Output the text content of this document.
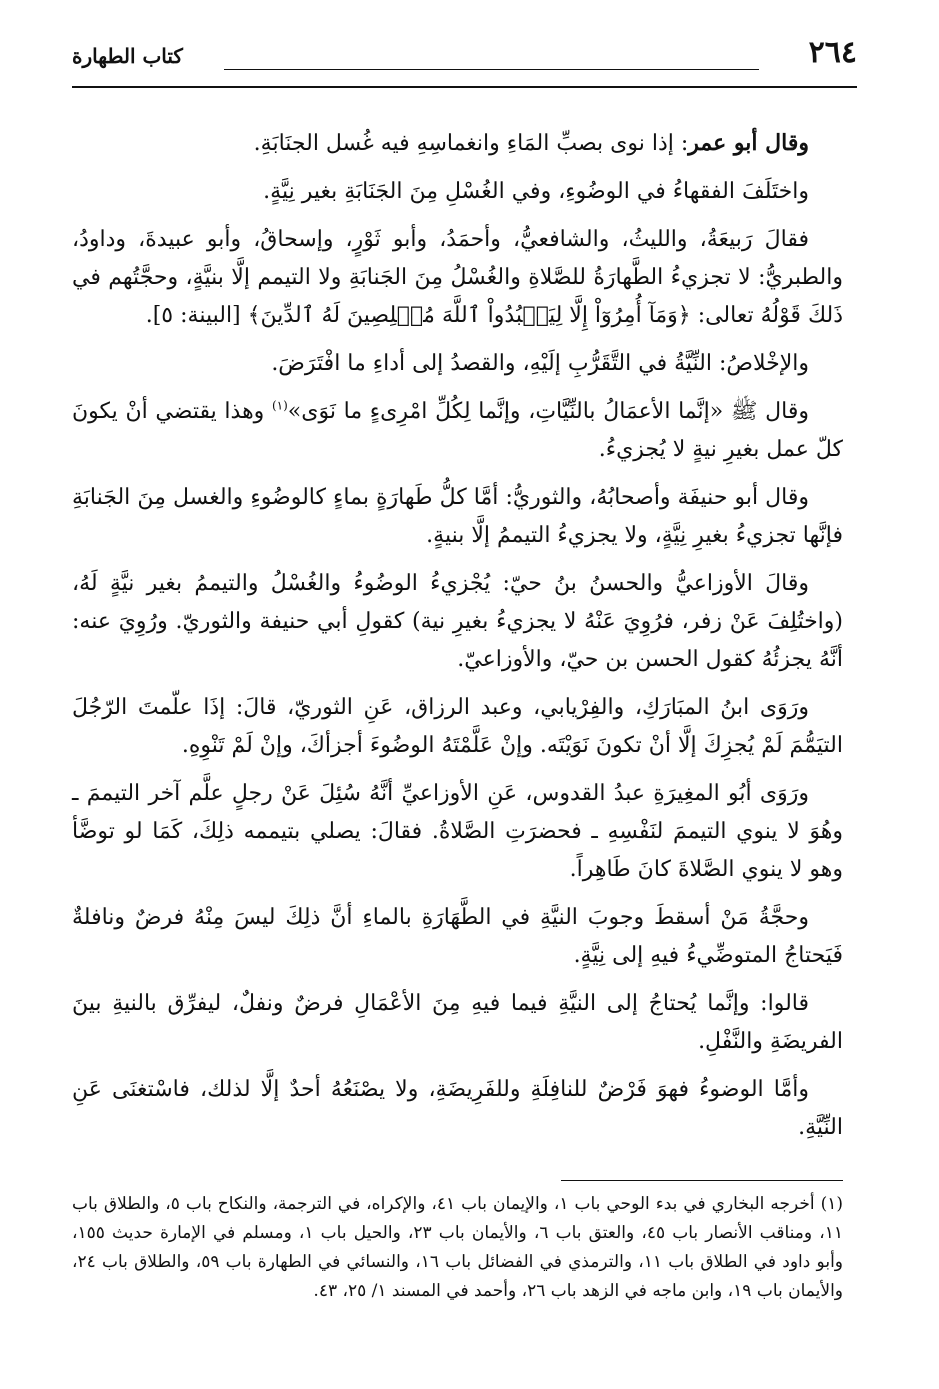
٢٦٤
كتاب الطهارة

وقال أبو عمر: إذا نوى بصبِّ المَاءِ وانغماسِهِ فيه غُسل الجنَابَةِ.

واختَلَفَ الفقهاءُ في الوضُوءِ، وفي الغُسْلِ مِنَ الجَنَابَةِ بغير نِيَّةٍ.

فقالَ رَبيعَةُ، والليثُ، والشافعيُّ، وأحمَدُ، وأبو ثَوْرٍ، وإسحاقُ، وأبو عبيدةَ، وداودُ، والطبريُّ: لا تجزيءُ الطَّهارَةُ للصَّلاةِ والغُسْلُ مِنَ الجَنابَةِ ولا التيمم إلَّا بنيَّةٍ، وحجَّتُهم في ذَلكَ قَوْلُهُ تعالى: ﴿وَمَآ أُمِرُوٓاْ إِلَّا لِيَعۡبُدُواْ ٱللَّهَ مُخۡلِصِينَ لَهُ ٱلدِّينَ﴾ [البينة: ٥].

والإخْلاصُ: النِّيَّةُ في التَّقَرُّبِ إلَيْهِ، والقصدُ إلى أداءِ ما افْتَرَضَ.

وقال ﷺ «إنَّما الأعمَالُ بالنِّيَّاتِ، وإنَّما لِكُلِّ امْرِىءٍ ما نَوَى»$^{(١)}$ وهذا يقتضي أنْ يكونَ كلّ عمل بغيرِ نيةٍ لا يُجزيءُ.

وقال أبو حنيفَة وأصحابُهُ، والثوريُّ: أمَّا كلُّ طَهارَةٍ بماءٍ كالوضُوءِ والغسل مِنَ الجَنابَةِ فإنَّها تجزيءُ بغيرِ نِيَّةٍ، ولا يجزيءُ التيممُ إلَّا بنيةٍ.

وقالَ الأوزاعيُّ والحسنُ بنُ حيّ: يُجْزيءُ الوضُوءُ والغُسْلُ والتيممُ بغير نيَّةٍ لَهُ، (واختُلِفَ عَنْ زفر، فرُوِيَ عَنْهُ لا يجزيءُ بغيرِ نية) كقولِ أبي حنيفة والثوريّ. ورُوِيَ عنه: أنَّهُ يجزئُهُ كقول الحسن بن حيّ، والأوزاعيّ.

ورَوَى ابنُ المبَارَكِ، والفِرْيابي، وعبد الرزاق، عَنِ الثوريّ، قالَ: إذَا علّمتَ الرّجُلَ التيَمُّمَ لَمْ يُجزِكَ إلَّا أنْ تكونَ نَوَيْتَه. وإنْ عَلَّمْتَهُ الوضُوءَ أجزأكَ، وإنْ لَمْ تَنْوِهِ.

ورَوَى أبُو المغِيرَةِ عبدُ القدوس، عَنِ الأوزاعيِّ أنَّهُ سُئِلَ عَنْ رجلٍ علَّم آخر التيممَ ـ وهُوَ لا ينوي التيممَ لنَفْسِهِ ـ فحضرَتِ الصَّلاةُ. فقالَ: يصلي بتيممه ذلِكَ، كَمَا لو توضَّأ وهو لا ينوي الصَّلاةَ كانَ طَاهِراً.

وحجَّةُ مَنْ أسقطَ وجوبَ النيَّةِ في الطَّهَارَةِ بالماءِ أنَّ ذلِكَ ليسَ مِنْهُ فرضٌ ونافلةٌ فَيَحتاجُ المتوضِّيءُ فيهِ إلى نِيَّةٍ.

قالوا: وإنَّما يُحتاجُ إلى النيَّةِ فيما فيهِ مِنَ الأعْمَالِ فرضٌ ونفلٌ، ليفرِّق بالنيةِ بينَ الفريضَةِ والنَّفْلِ.

وأمَّا الوضوءُ فهوَ فَرْضٌ للنافِلَةِ وللفَرِيضَةِ، ولا يصْنَعُهُ أحدٌ إلَّا لذلك، فاسْتغنَى عَنِ النِّيَّةِ.

(١) أخرجه البخاري في بدء الوحي باب ١، والإيمان باب ٤١، والإكراه، في الترجمة، والنكاح باب ٥، والطلاق باب ١١، ومناقب الأنصار باب ٤٥، والعتق باب ٦، والأيمان باب ٢٣، والحيل باب ١، ومسلم في الإمارة حديث ١٥٥، وأبو داود في الطلاق باب ١١، والترمذي في الفضائل باب ١٦، والنسائي في الطهارة باب ٥٩، والطلاق باب ٢٤، والأيمان باب ١٩، وابن ماجه في الزهد باب ٢٦، وأحمد في المسند ١/ ٢٥، ٤٣.
